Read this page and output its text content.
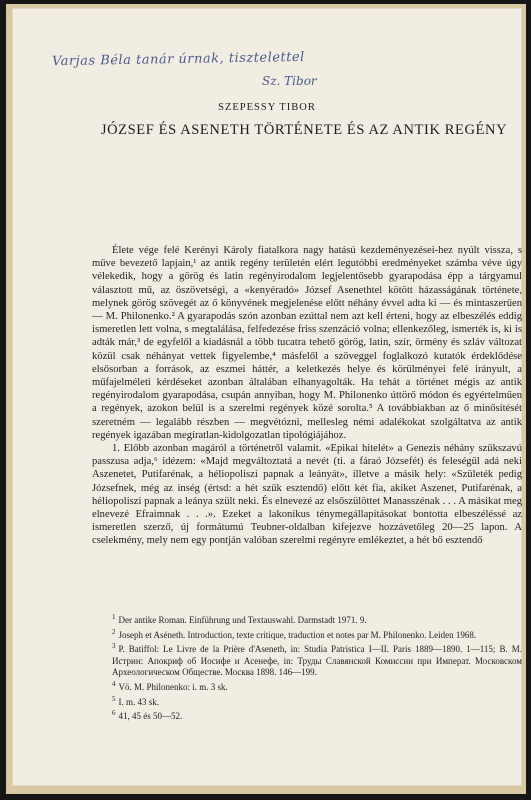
Varjas Béla tanár úrnak, tisztelettel
Sz. Tibor
SZEPESSY TIBOR
JÓZSEF ÉS ASENETH TÖRTÉNETE ÉS AZ ANTIK REGÉNY

Élete vége felé Kerényi Károly fiatalkora nagy hatású kezdeményezései-hez nyúlt vissza, s műve bevezető lapjain,¹ az antik regény területén elért legutóbbi eredményeket számba véve úgy vélekedik, hogy a görög és latin regényirodalom legjelentősebb gyarapodása épp a tárgyamul választott mű, az öszövetségi, a «kenyéradó» József Asenethtel kötött házasságának története, melynek görög szövegét az ő könyvének megjelenése előtt néhány évvel adta ki — és mintaszerűen — M. Philonenko.² A gyarapodás szón azonban ezúttal nem azt kell érteni, hogy az elbeszélés eddig ismeretlen lett volna, s megtalálása, felfedezése friss szenzáció volna; ellenkezőleg, ismerték is, ki is adták már,³ de egyfelől a kiadásnál a több tucatra tehető görög, latin, szír, örmény és szláv változat közül csak néhányat vettek figyelembe,⁴ másfelől a szöveggel foglalkozó kutatók érdeklődése elsősorban a források, az eszmei háttér, a keletkezés helye és körülményei felé irányult, a műfajelméleti kérdéseket azonban általában elhanyagolták. Ha tehát a történet mégis az antik regényirodalom gyarapodása, csupán annyiban, hogy M. Philonenko úttörő módon és egyértelműen a regények, azokon belül is a szerelmi regények közé sorolta.⁵ A továbbiakban az ő minősítését szeretném — legalább részben — megvétózni, mellesleg némi adalékokat szolgáltatva az antik regények igazában megíratlan-kidolgozatlan tipológiájához.

1. Előbb azonban magáról a történetről valamit. «Epikai hitelét» a Genezis néhány szűkszavú passzusa adja,⁶ idézem: «Majd megváltoztatá a nevét (ti. a fáraó Józsefét) és feleségül adá neki Aszenetet, Putifarénak, a héliopoliszi papnak a leányát», illetve a másik hely: «Születék pedig Józsefnek, még az inség (értsd: a hét szűk esztendő) előtt két fia, akiket Aszenet, Putifarénak, a héliopoliszi papnak a leánya szült neki. És elnevezé az elsőszülöttet Manasszénak . . . A másikat meg elnevezé Efraimnak . . .». Ezeket a lakonikus ténymegállapításokat bontotta elbeszéléssé az ismeretlen szerző, új formátumú Teubner-oldalban kifejezve hozzávetőleg 20—25 lapon. A cselekmény, mely nem egy pontján valóban szerelmi regényre emlékeztet, a hét bő esztendő

$^1$ Der antike Roman. Einführung und Textauswahl. Darmstadt 1971. 9.

$^2$ Joseph et Aséneth. Introduction, texte critique, traduction et notes par M. Philonenko. Leiden 1968.

$^3$ P. Batiffol: Le Livre de la Prière d'Aseneth, in: Studia Patristica I—II. Paris 1889—1890. 1—115; В. М. Истрин: Апокриф об Иосифе и Асенефе, in: Труды Славянской Комиссии при Императ. Московском Археологическом Обществе. Москва 1898. 146—199.

$^4$ Vö. M. Philonenko: i. m. 3 sk.

$^5$ I. m. 43 sk.

$^6$ 41, 45 és 50—52.
